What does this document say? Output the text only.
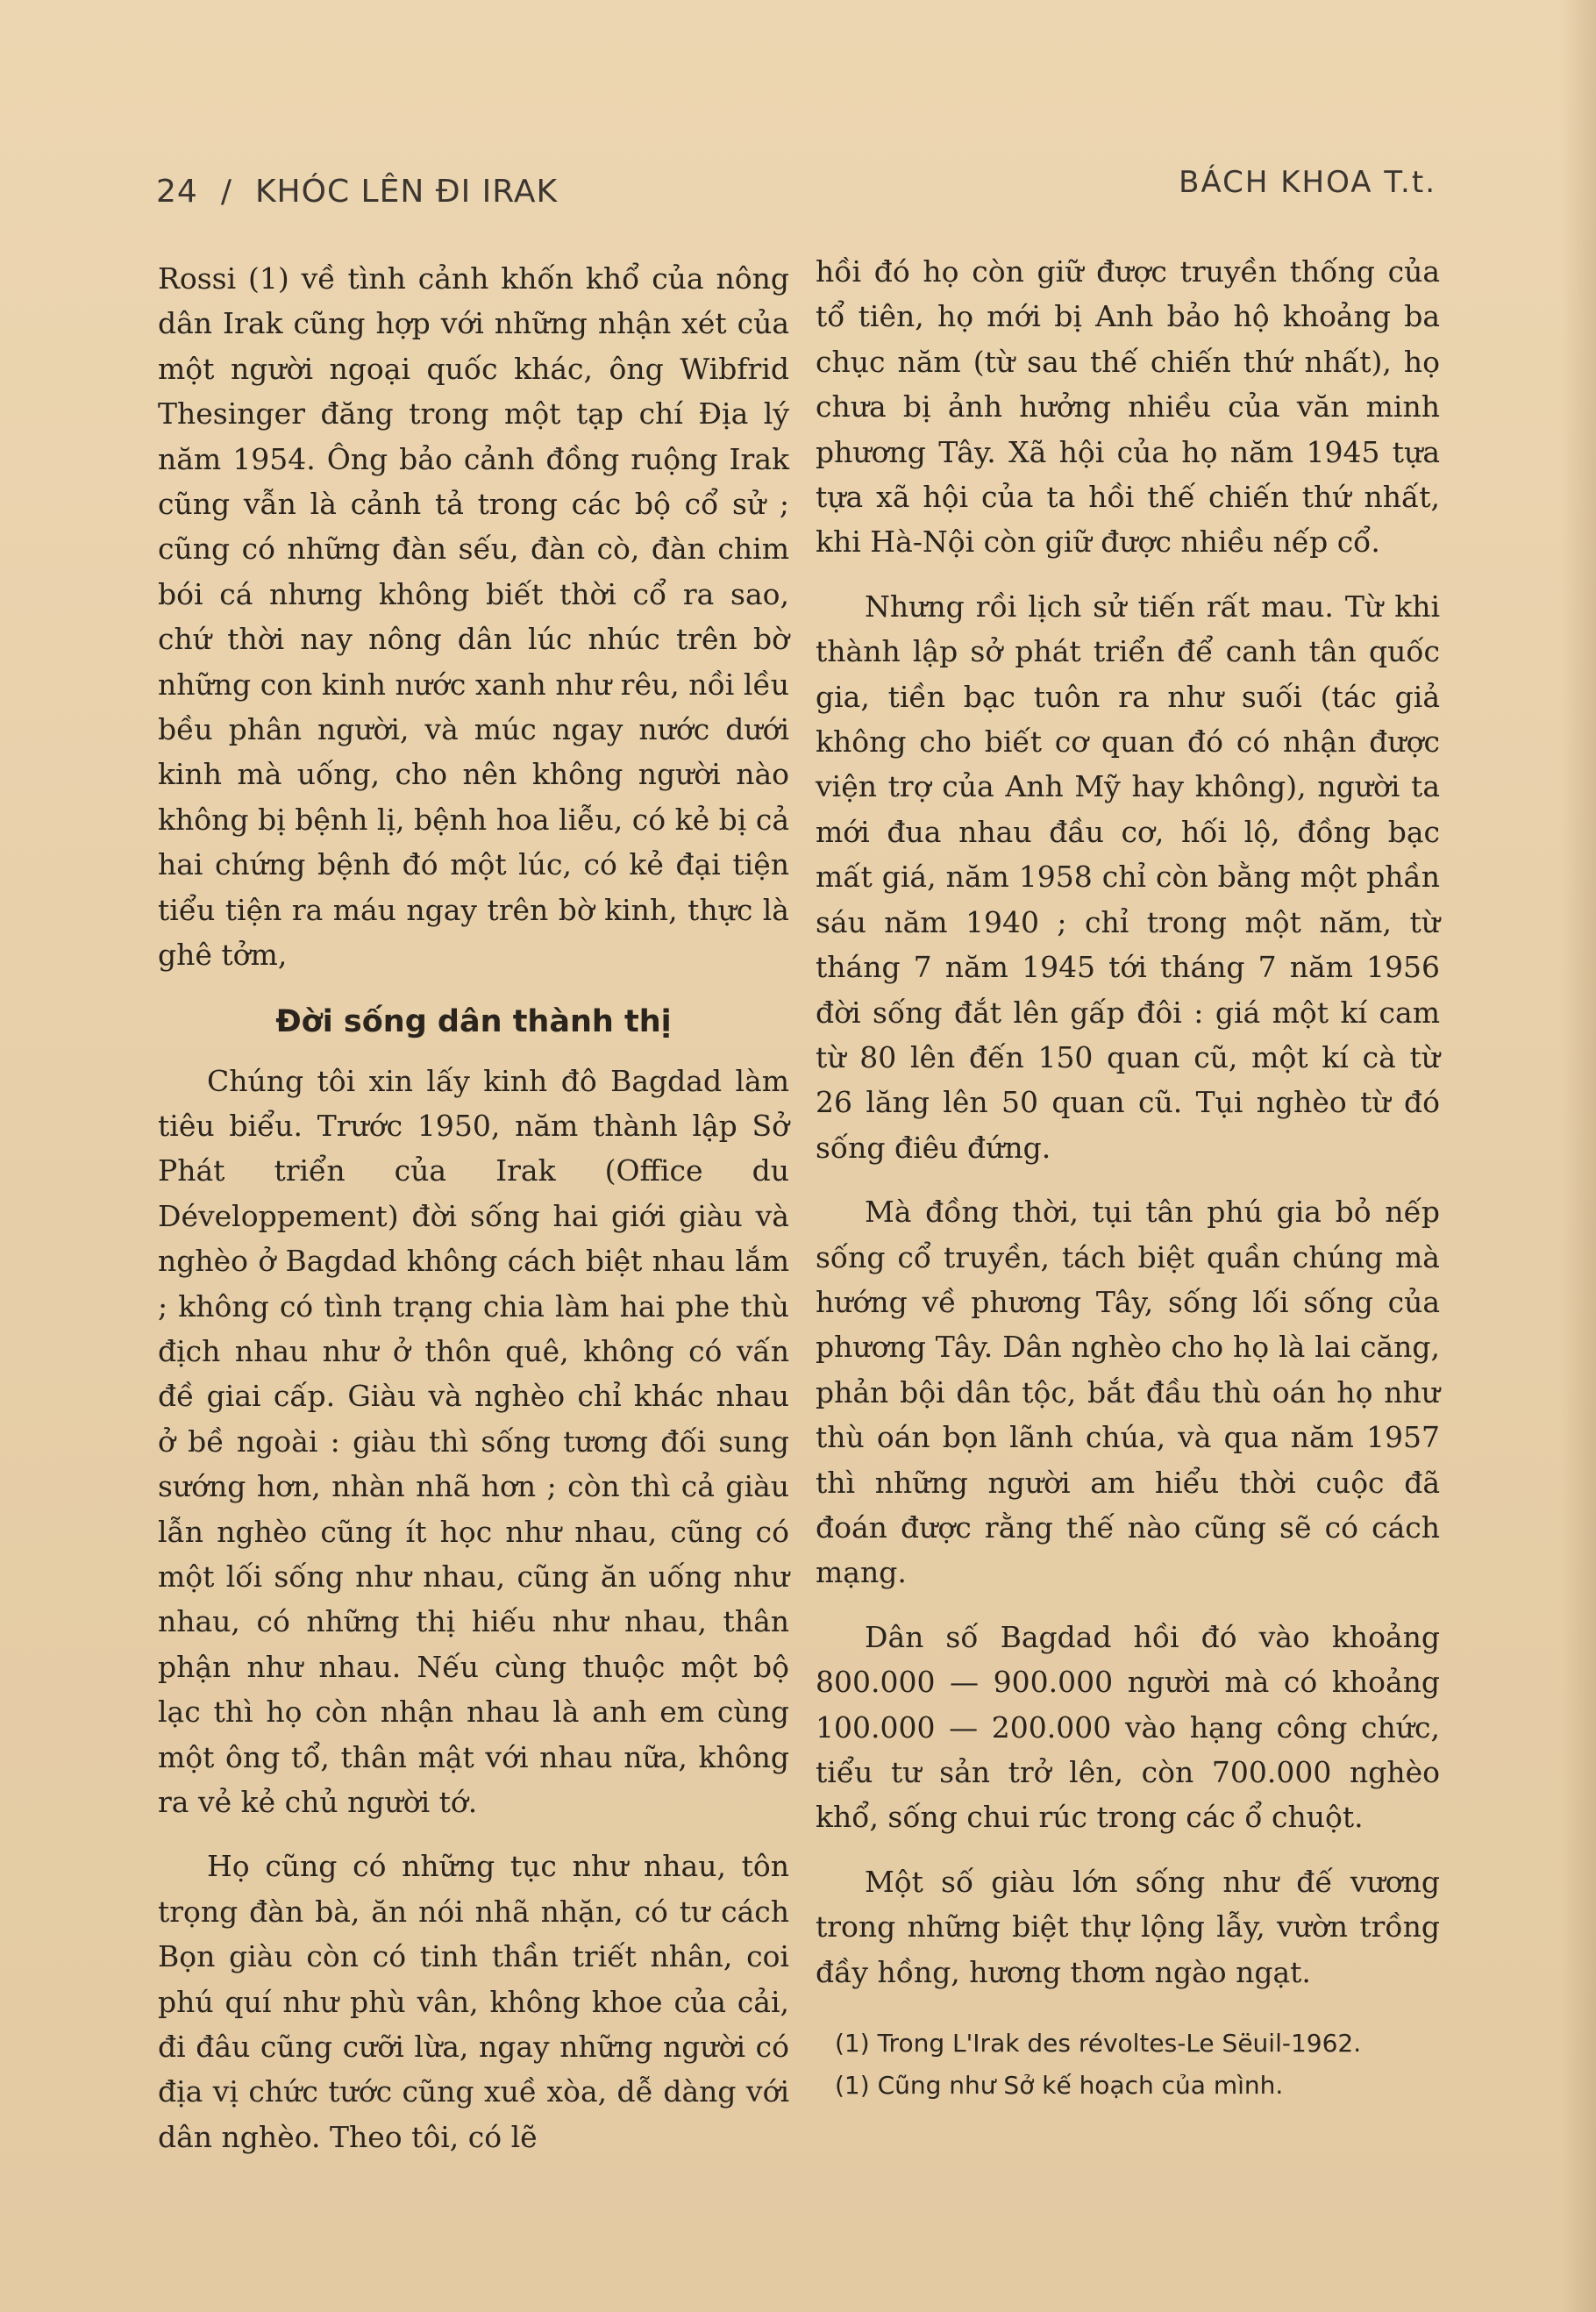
24 / KHÓC LÊN ĐI IRAK	BÁCH KHOA T.t.

Rossi (1) về tình cảnh khốn khổ của nông dân Irak cũng hợp với những nhận xét của một người ngoại quốc khác, ông Wibfrid Thesinger đăng trong một tạp chí Địa lý năm 1954. Ông bảo cảnh đồng ruộng Irak cũng vẫn là cảnh tả trong các bộ cổ sử ; cũng có những đàn sếu, đàn cò, đàn chim bói cá nhưng không biết thời cổ ra sao, chứ thời nay nông dân lúc nhúc trên bờ những con kinh nước xanh như rêu, nồi lều bều phân người, và múc ngay nước dưới kinh mà uống, cho nên không người nào không bị bệnh lị, bệnh hoa liễu, có kẻ bị cả hai chứng bệnh đó một lúc, có kẻ đại tiện tiểu tiện ra máu ngay trên bờ kinh, thực là ghê tởm,

Đời sống dân thành thị

Chúng tôi xin lấy kinh đô Bagdad làm tiêu biểu. Trước 1950, năm thành lập Sở Phát triển của Irak (Office du Développement) đời sống hai giới giàu và nghèo ở Bagdad không cách biệt nhau lắm ; không có tình trạng chia làm hai phe thù địch nhau như ở thôn quê, không có vấn đề giai cấp. Giàu và nghèo chỉ khác nhau ở bề ngoài : giàu thì sống tương đối sung sướng hơn, nhàn nhã hơn ; còn thì cả giàu lẫn nghèo cũng ít học như nhau, cũng có một lối sống như nhau, cũng ăn uống như nhau, có những thị hiếu như nhau, thân phận như nhau. Nếu cùng thuộc một bộ lạc thì họ còn nhận nhau là anh em cùng một ông tổ, thân mật với nhau nữa, không ra vẻ kẻ chủ người tớ.

Họ cũng có những tục như nhau, tôn trọng đàn bà, ăn nói nhã nhặn, có tư cách Bọn giàu còn có tinh thần triết nhân, coi phú quí như phù vân, không khoe của cải, đi đâu cũng cưỡi lừa, ngay những người có địa vị chức tước cũng xuề xòa, dễ dàng với dân nghèo. Theo tôi, có lẽ

hồi đó họ còn giữ được truyền thống của tổ tiên, họ mới bị Anh bảo hộ khoảng ba chục năm (từ sau thế chiến thứ nhất), họ chưa bị ảnh hưởng nhiều của văn minh phương Tây. Xã hội của họ năm 1945 tựa tựa xã hội của ta hồi thế chiến thứ nhất, khi Hà-Nội còn giữ được nhiều nếp cổ.

Nhưng rồi lịch sử tiến rất mau. Từ khi thành lập sở phát triển để canh tân quốc gia, tiền bạc tuôn ra như suối (tác giả không cho biết cơ quan đó có nhận được viện trợ của Anh Mỹ hay không), người ta mới đua nhau đầu cơ, hối lộ, đồng bạc mất giá, năm 1958 chỉ còn bằng một phần sáu năm 1940 ; chỉ trong một năm, từ tháng 7 năm 1945 tới tháng 7 năm 1956 đời sống đắt lên gấp đôi : giá một kí cam từ 80 lên đến 150 quan cũ, một kí cà từ 26 lăng lên 50 quan cũ. Tụi nghèo từ đó sống điêu đứng.

Mà đồng thời, tụi tân phú gia bỏ nếp sống cổ truyền, tách biệt quần chúng mà hướng về phương Tây, sống lối sống của phương Tây. Dân nghèo cho họ là lai căng, phản bội dân tộc, bắt đầu thù oán họ như thù oán bọn lãnh chúa, và qua năm 1957 thì những người am hiểu thời cuộc đã đoán được rằng thế nào cũng sẽ có cách mạng.

Dân số Bagdad hồi đó vào khoảng 800.000 — 900.000 người mà có khoảng 100.000 — 200.000 vào hạng công chức, tiểu tư sản trở lên, còn 700.000 nghèo khổ, sống chui rúc trong các ổ chuột.

Một số giàu lớn sống như đế vương trong những biệt thự lộng lẫy, vườn trồng đầy hồng, hương thơm ngào ngạt.

(1) Trong L'Irak des révoltes-Le Sëuil-1962.
(1) Cũng như Sở kế hoạch của mình.
